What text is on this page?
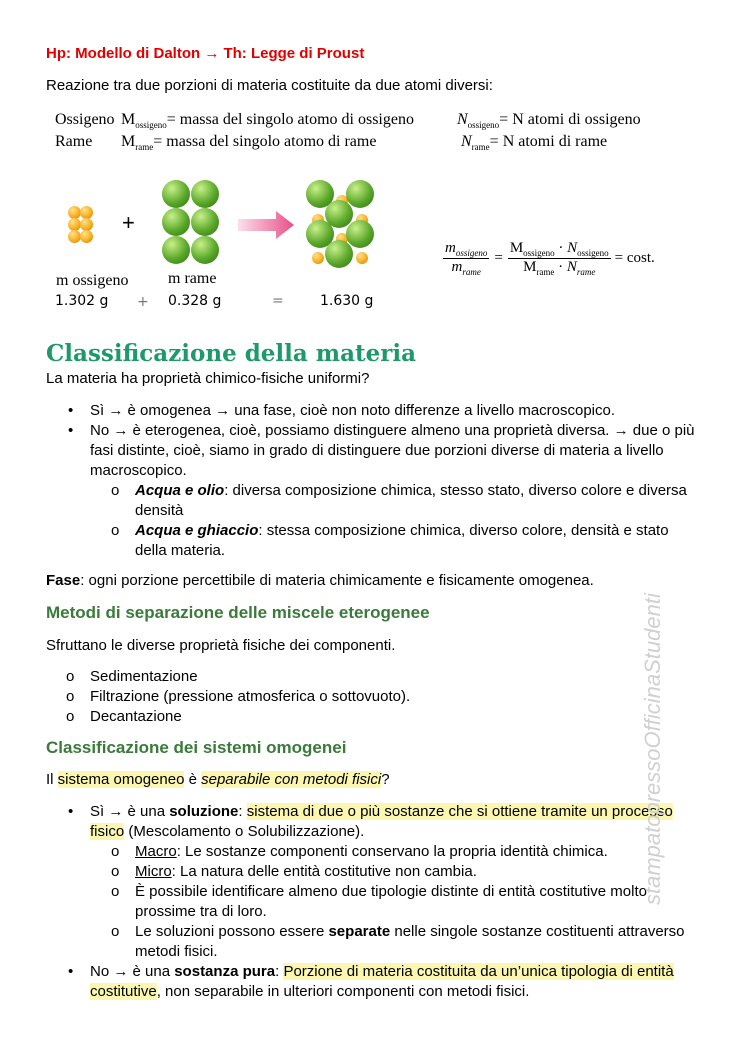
Hp: Modello di Dalton → Th: Legge di Proust
Reazione tra due porzioni di materia costituite da due atomi diversi:
Ossigeno $M_{ossigeno}=$ massa del singolo atomo di ossigeno	$N_{ossigeno}= N$ atomi di ossigeno
Rame $M_{rame}=$ massa del singolo atomo di rame	$N_{rame}= N$ atomi di rame
+
m ossigeno m rame
1.302 g + 0.328 g	=	1.630 g
$m_{ossigeno}$
$m_{rame}$
=
$M_{ossigeno} \cdot N_{ossigeno}$
$M_{rame} \cdot N_{rame}$
= cost.
Classificazione della materia
La materia ha proprietà chimico-fisiche uniformi?
• Sì → è omogenea → una fase, cioè non noto differenze a livello macroscopico.
• No → è eterogenea, cioè, possiamo distinguere almeno una proprietà diversa. → due o più fasi distinte, cioè, siamo in grado di distinguere due porzioni diverse di materia a livello macroscopico.
o Acqua e olio: diversa composizione chimica, stesso stato, diverso colore e diversa densità
o Acqua e ghiaccio: stessa composizione chimica, diverso colore, densità e stato della materia.
Fase: ogni porzione percettibile di materia chimicamente e fisicamente omogenea.
Metodi di separazione delle miscele eterogenee
Sfruttano le diverse proprietà fisiche dei componenti.
o Sedimentazione
o Filtrazione (pressione atmosferica o sottovuoto).
o Decantazione
Classificazione dei sistemi omogenei
Il sistema omogeneo è separabile con metodi fisici?
• Sì → è una soluzione: sistema di due o più sostanze che si ottiene tramite un processo fisico (Mescolamento o Solubilizzazione).
o Macro: Le sostanze componenti conservano la propria identità chimica.
o Micro: La natura delle entità costitutive non cambia.
o È possibile identificare almeno due tipologie distinte di entità costitutive molto prossime tra di loro.
o Le soluzioni possono essere separate nelle singole sostanze costituenti attraverso metodi fisici.
• No → è una sostanza pura: Porzione di materia costituita da un’unica tipologia di entità costitutive, non separabile in ulteriori componenti con metodi fisici.
stampatopressoOfficinaStudenti
